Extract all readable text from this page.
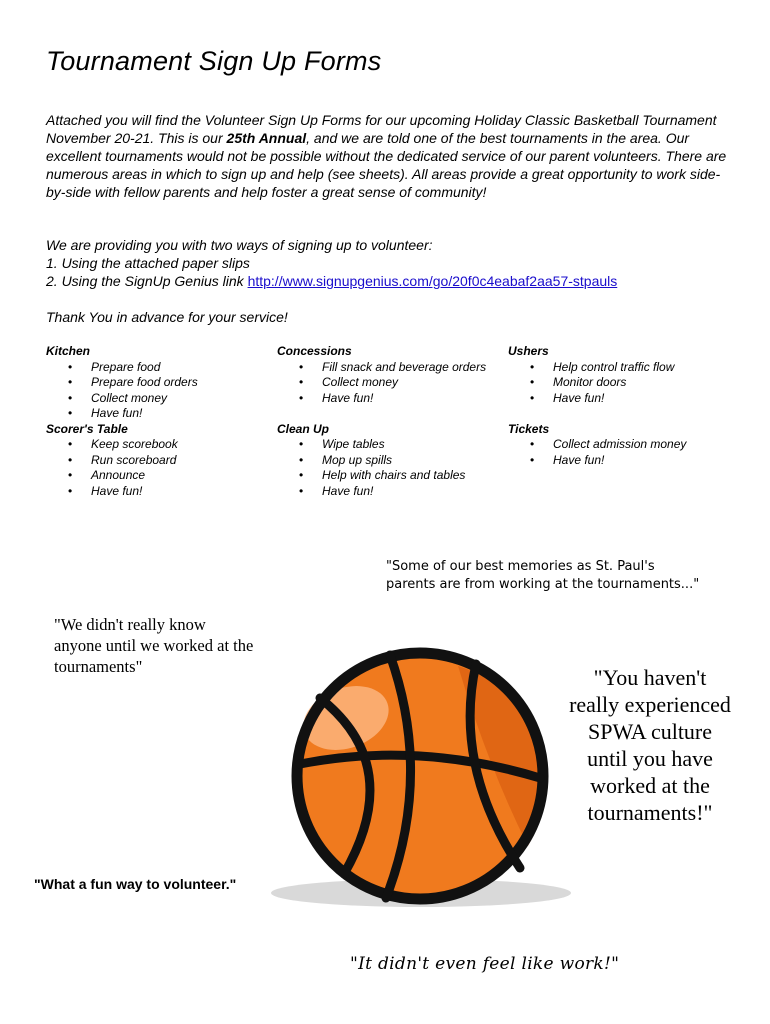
Tournament Sign Up Forms

Attached you will find the Volunteer Sign Up Forms for our upcoming Holiday Classic Basketball Tournament November 20-21. This is our 25th Annual, and we are told one of the best tournaments in the area. Our excellent tournaments would not be possible without the dedicated service of our parent volunteers. There are numerous areas in which to sign up and help (see sheets). All areas provide a great opportunity to work side-by-side with fellow parents and help foster a great sense of community!

We are providing you with two ways of signing up to volunteer:
1. Using the attached paper slips
2. Using the SignUp Genius link http://www.signupgenius.com/go/20f0c4eabaf2aa57-stpauls
Thank You in advance for your service!
Kitchen
• Prepare food
• Prepare food orders
• Collect money
• Have fun!
Scorer's Table
• Keep scorebook
• Run scoreboard
• Announce
• Have fun!
Concessions
• Fill snack and beverage orders
• Collect money
• Have fun!
Clean Up
• Wipe tables
• Mop up spills
• Help with chairs and tables
• Have fun!
Ushers
• Help control traffic flow
• Monitor doors
• Have fun!
Tickets
• Collect admission money
• Have fun!
"Some of our best memories as St. Paul's parents are from working at the tournaments..."
"We didn't really know anyone until we worked at the tournaments"	"You haven't really experienced SPWA culture until you have worked at the tournaments!"
"What a fun way to volunteer."
"It didn't even feel like work!"
